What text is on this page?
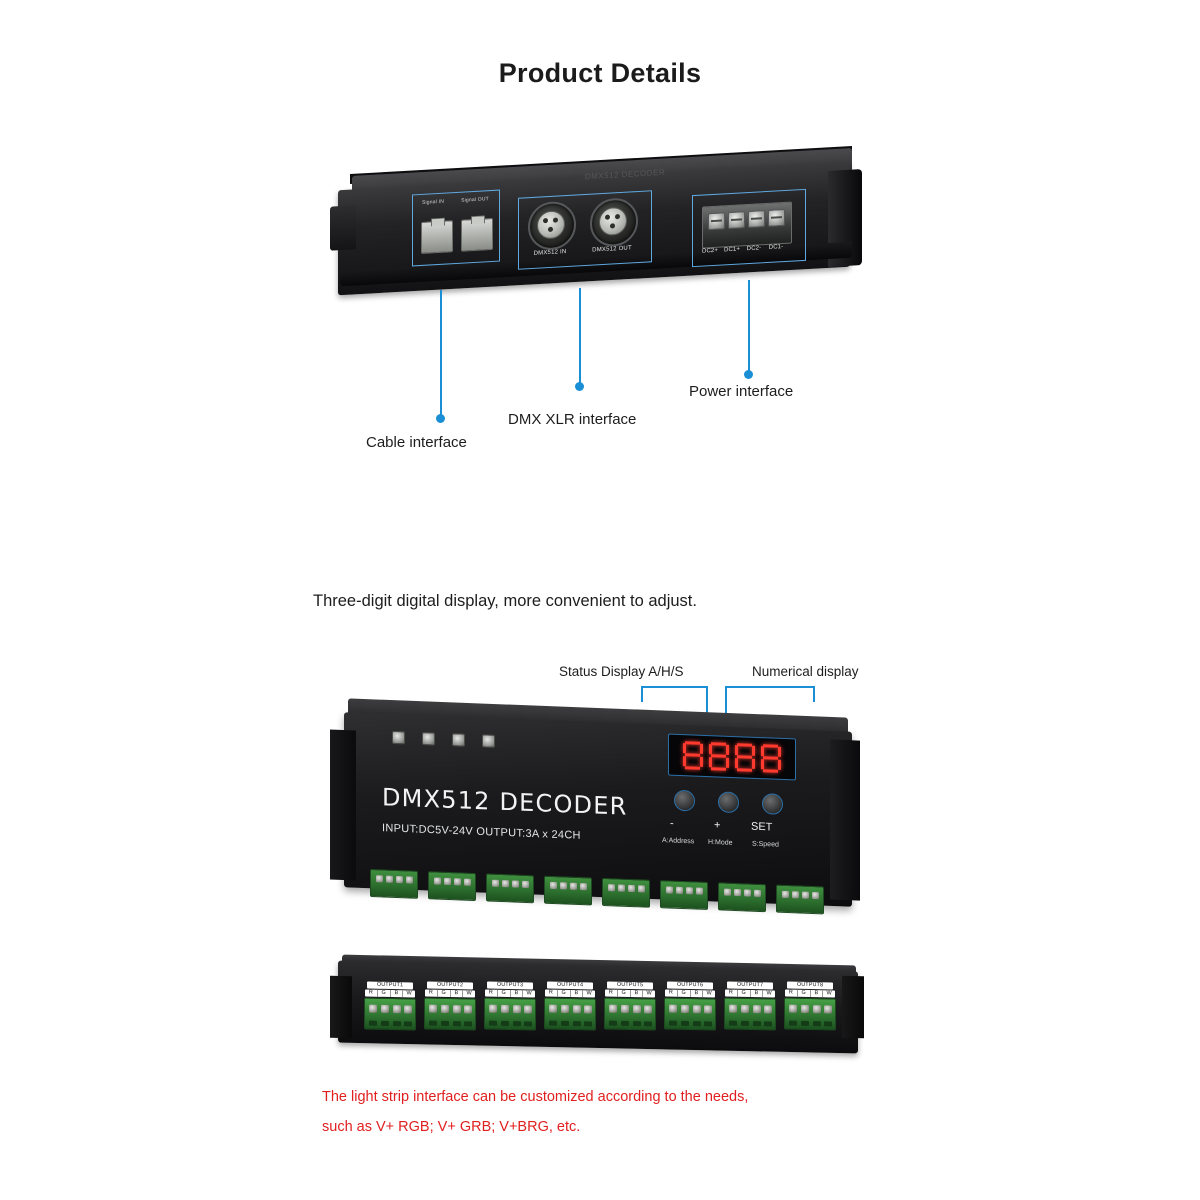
Product Details
DMX512 DECODER
Signal IN	Signal OUT
DMX512 IN	DMX512 OUT	DC2+	DC1+	DC2-	DC1-
Cable interface
DMX XLR interface
Power interface
Three-digit digital display, more convenient to adjust.
Status Display A/H/S	Numerical display
DMX512 DECODER
INPUT:DC5V-24V OUTPUT:3A x 24CH	-	+	SET
A:Address H:Mode	S:Speed
OUTPUT1
R	G	B	W
OUTPUT2
R	G	B	W
OUTPUT3
R	G	B	W
OUTPUT4
R	G	B	W
OUTPUT5
R	G	B	W
OUTPUT6
R	G	B	W
OUTPUT7
R	G	B	W
OUTPUT8
R	G	B	W
The light strip interface can be customized according to the needs,
such as V+ RGB; V+ GRB; V+BRG, etc.
